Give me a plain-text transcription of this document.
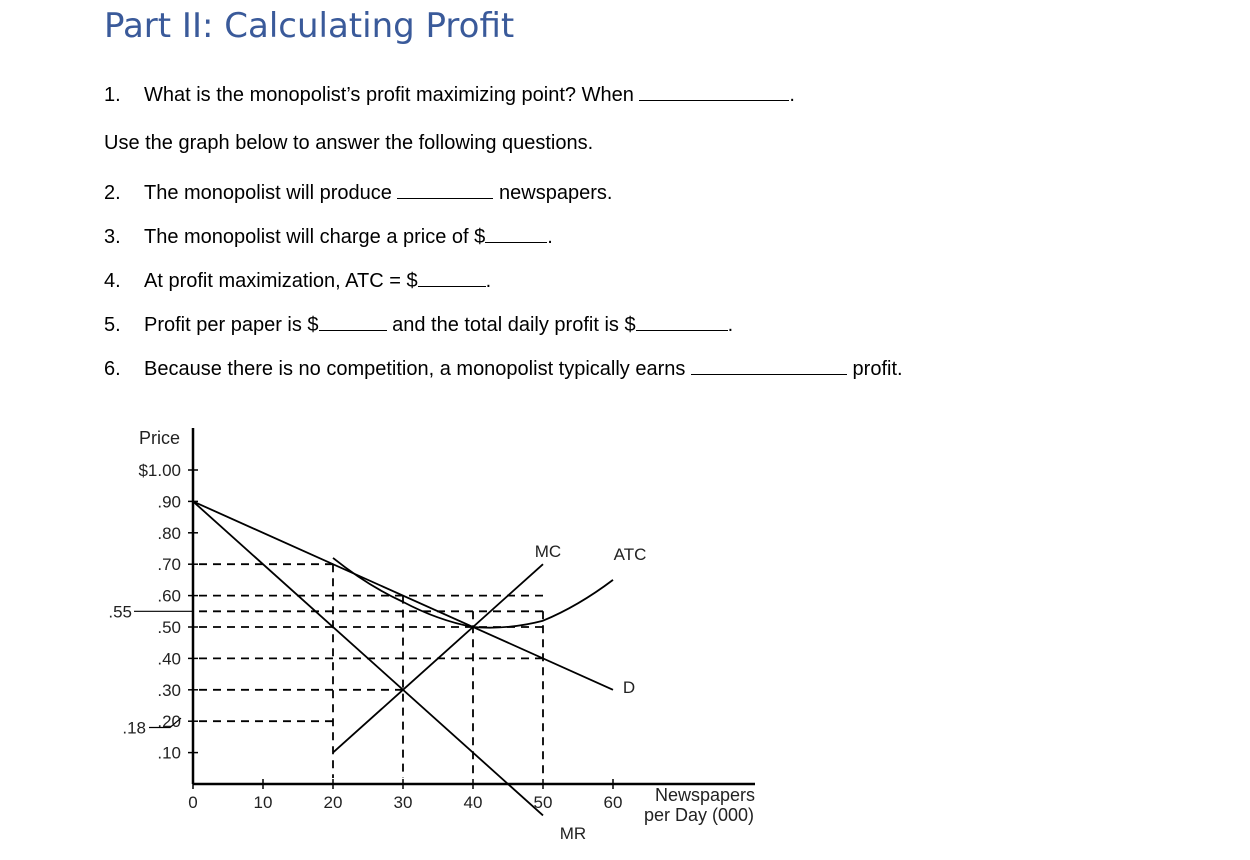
Part II: Calculating Profit
1. What is the monopolist’s profit maximizing point? When	.
Use the graph below to answer the following questions.
2. The monopolist will produce	newspapers.
3. The monopolist will charge a price of $	.
4. At profit maximization, ATC = $	.
5. Profit per paper is $	and the total daily profit is $	.
6. Because there is no competition, a monopolist typically earns	profit.
Price
$1.00
.90
.80
.70
.60
.50
.40
.30
.20
.10
.55
.18
0	10	20	30	40	50	60 Newspapers
per Day (000)
MC	ATC
D
MR
